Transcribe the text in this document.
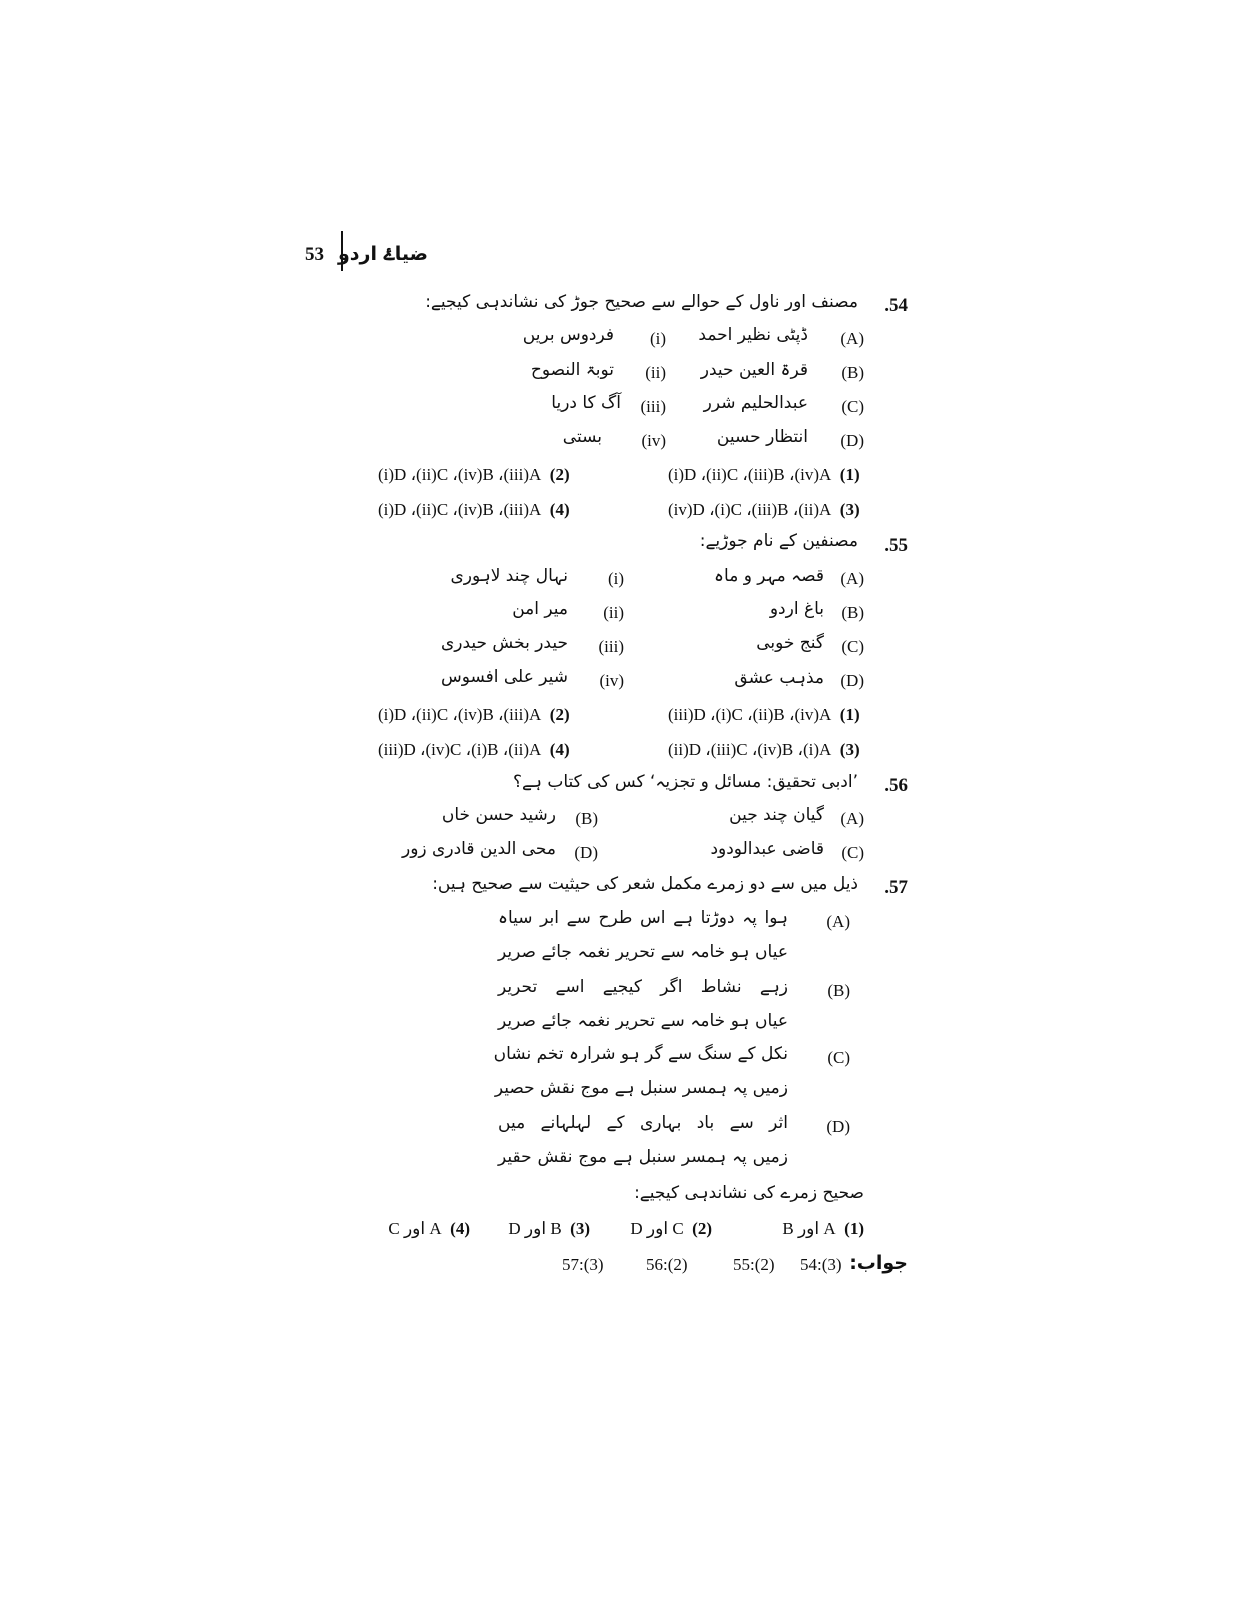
53 ضیاۓ اردو
.54
مصنف اور ناول کے حوالے سے صحیح جوڑ کی نشاندہی کیجیے:
(A)
ڈپٹی نظیر احمد
(i)
فردوس بریں
(B)
قرۃ العین حیدر
(ii)
توبۃ النصوح
(C)
عبدالحلیم شرر
(iii)
آگ کا دریا
(D)
انتظار حسین
(iv)
بستی
(i)D ،(ii)C ،(iii)B ،(iv)A (1)
(i)D ،(ii)C ،(iv)B ،(iii)A (2)
(iv)D ،(i)C ،(iii)B ،(ii)A (3)
(i)D ،(ii)C ،(iv)B ،(iii)A (4)
.55
مصنفین کے نام جوڑیے:
(A)
قصہ مہر و ماہ
(i)
نہال چند لاہوری
(B)
باغ اردو
(ii)
میر امن
(C)
گنج خوبی
(iii)
حیدر بخش حیدری
(D)
مذہب عشق
(iv)
شیر علی افسوس
(iii)D ،(i)C ،(ii)B ،(iv)A (1)
(i)D ،(ii)C ،(iv)B ،(iii)A (2)
(ii)D ،(iii)C ،(iv)B ،(i)A (3)
(iii)D ،(iv)C ،(i)B ،(ii)A (4)
.56
’ادبی تحقیق: مسائل و تجزیہ‘ کس کی کتاب ہے؟
(A)
گیان چند جین
(B)
رشید حسن خاں
(C)
قاضی عبدالودود
(D)
محی الدین قادری زور
.57
ذیل میں سے دو زمرے مکمل شعر کی حیثیت سے صحیح ہیں:
(A)
ہوا پہ دوڑتا ہے اس طرح سے ابر سیاہ
عیاں ہو خامہ سے تحریر نغمہ جائے صریر
(B)
زہے نشاط اگر کیجیے اسے تحریر
عیاں ہو خامہ سے تحریر نغمہ جائے صریر
(C)
نکل کے سنگ سے گر ہو شرارہ تخم نشاں
زمیں پہ ہمسر سنبل ہے موج نقش حصیر
(D)
اثر سے باد بہاری کے لہلہانے میں
زمیں پہ ہمسر سنبل ہے موج نقش حقیر
صحیح زمرے کی نشاندہی کیجیے:
(1)  A اور B
(2)  C اور D
(3)  B اور D
(4)  A اور C
جواب:
54:(3)
55:(2)
56:(2)
57:(3)
